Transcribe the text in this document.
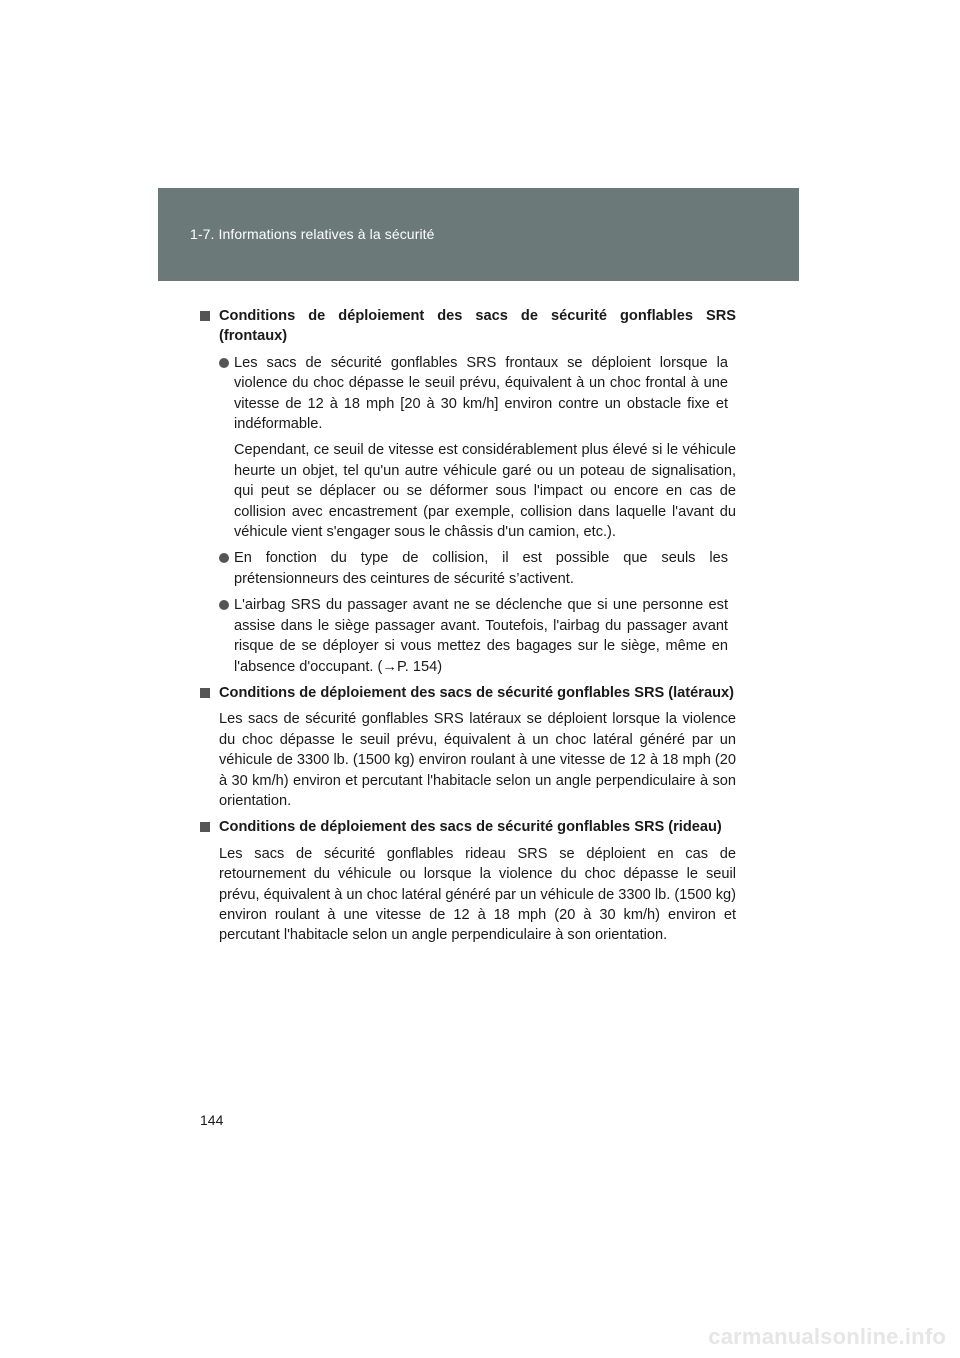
1-7. Informations relatives à la sécurité
Conditions de déploiement des sacs de sécurité gonflables SRS (frontaux)
Les sacs de sécurité gonflables SRS frontaux se déploient lorsque la violence du choc dépasse le seuil prévu, équivalent à un choc frontal à une vitesse de 12 à 18 mph [20 à 30 km/h] environ contre un obstacle fixe et indéformable.
Cependant, ce seuil de vitesse est considérablement plus élevé si le véhicule heurte un objet, tel qu'un autre véhicule garé ou un poteau de signalisation, qui peut se déplacer ou se déformer sous l'impact ou encore en cas de collision avec encastrement (par exemple, collision dans laquelle l'avant du véhicule vient s'engager sous le châssis d'un camion, etc.).
En fonction du type de collision, il est possible que seuls les prétensionneurs des ceintures de sécurité s’activent.
L'airbag SRS du passager avant ne se déclenche que si une personne est assise dans le siège passager avant. Toutefois, l'airbag du passager avant risque de se déployer si vous mettez des bagages sur le siège, même en l'absence d'occupant. (→P. 154)
Conditions de déploiement des sacs de sécurité gonflables SRS (latéraux)
Les sacs de sécurité gonflables SRS latéraux se déploient lorsque la violence du choc dépasse le seuil prévu, équivalent à un choc latéral généré par un véhicule de 3300 lb. (1500 kg) environ roulant à une vitesse de 12 à 18 mph (20 à 30 km/h) environ et percutant l'habitacle selon un angle perpendiculaire à son orientation.
Conditions de déploiement des sacs de sécurité gonflables SRS (rideau)
Les sacs de sécurité gonflables rideau SRS se déploient en cas de retournement du véhicule ou lorsque la violence du choc dépasse le seuil prévu, équivalent à un choc latéral généré par un véhicule de 3300 lb. (1500 kg) environ roulant à une vitesse de 12 à 18 mph (20 à 30 km/h) environ et percutant l'habitacle selon un angle perpendiculaire à son orientation.
144
carmanualsonline.info
